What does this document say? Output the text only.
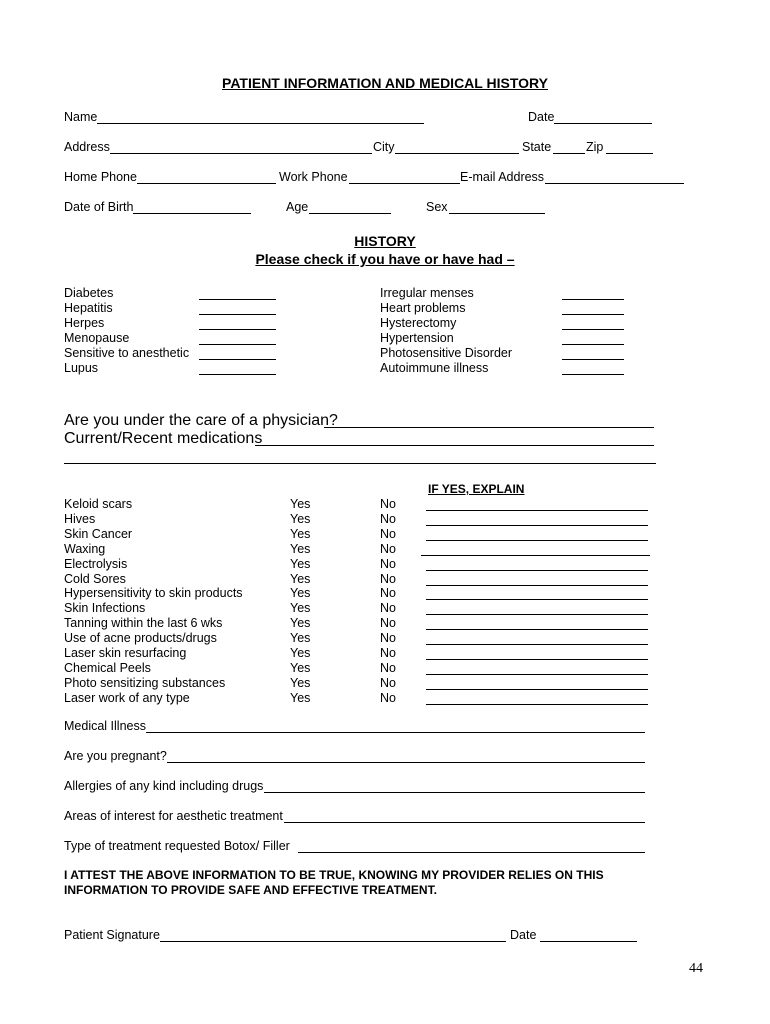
PATIENT INFORMATION AND MEDICAL HISTORY
Name	Date
Address	City	State	Zip
Home Phone	Work Phone	E-mail Address
Date of Birth	Age	Sex
HISTORY
Please check if you have or have had –
Diabetes
Hepatitis
Herpes
Menopause
Sensitive to anesthetic
Lupus
Irregular menses
Heart problems
Hysterectomy
Hypertension
Photosensitive Disorder
Autoimmune illness
Are you under the care of a physician?
Current/Recent medications
IF YES, EXPLAIN
Keloid scars	Yes	No
Hives	Yes	No
Skin Cancer	Yes	No
Waxing	Yes	No
Electrolysis	Yes	No
Cold Sores	Yes	No
Hypersensitivity to skin products	Yes	No
Skin Infections	Yes	No
Tanning within the last 6 wks	Yes	No
Use of acne products/drugs	Yes	No
Laser skin resurfacing	Yes	No
Chemical Peels	Yes	No
Photo sensitizing substances	Yes	No
Laser work of any type	Yes	No
Medical Illness
Are you pregnant?
Allergies of any kind including drugs
Areas of interest for aesthetic treatment
Type of treatment requested Botox/ Filler
I ATTEST THE ABOVE INFORMATION TO BE TRUE, KNOWING MY PROVIDER RELIES ON THIS
INFORMATION TO PROVIDE SAFE AND EFFECTIVE TREATMENT.
Patient Signature	Date
44
